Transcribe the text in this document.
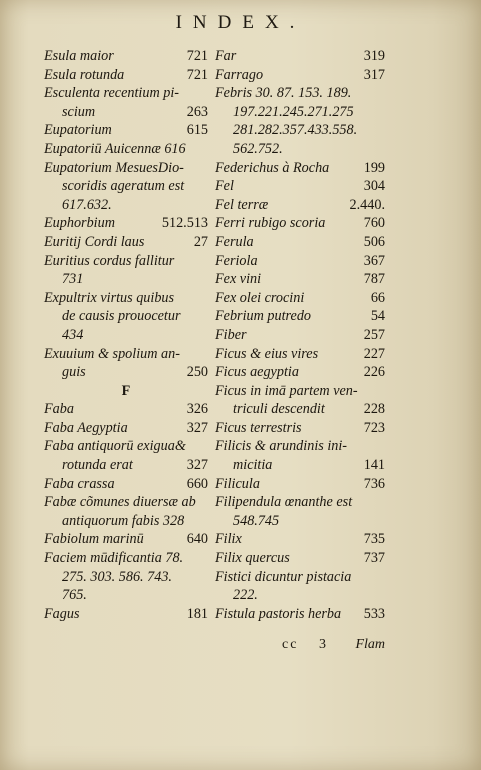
INDEX.
Esula maior	721
Esula rotunda	721
Esculenta recentium pi-
scium	263
Eupatorium	615
Eupatoriū Auicennæ 616
Eupatorium MesuesDio-
scoridis ageratum est
617.632.
Euphorbium	512.513
Euritij Cordi laus	27
Euritius cordus fallitur
731
Expultrix virtus quibus
de causis prouocetur
434
Exuuium & spolium an-
guis	250
F
Faba	326
Faba Aegyptia	327
Faba antiquorū exigua&
rotunda erat	327
Faba crassa	660
Fabæ cõmunes diuersæ ab
antiquorum fabis 328
Fabiolum marinū	640
Faciem mūdificantia 78.
275. 303. 586. 743.
765.
Fagus	181
Far	319
Farrago	317
Febris 30. 87. 153. 189.
197.221.245.271.275
281.282.357.433.558.
562.752.
Federichus à Rocha 199
Fel	304
Fel terræ	2.440.
Ferri rubigo scoria	760
Ferula	506
Feriola	367
Fex vini	787
Fex olei crocini	66
Febrium putredo	54
Fiber	257
Ficus & eius vires	227
Ficus aegyptia	226
Ficus in imā partem ven-
triculi descendit	228
Ficus terrestris	723
Filicis & arundinis ini-
micitia	141
Filicula	736
Filipendula œnanthe est
548.745
Filix	735
Filix quercus	737
Fistici dicuntur pistacia
222.
Fistula pastoris herba 533
cc 3 Flam
